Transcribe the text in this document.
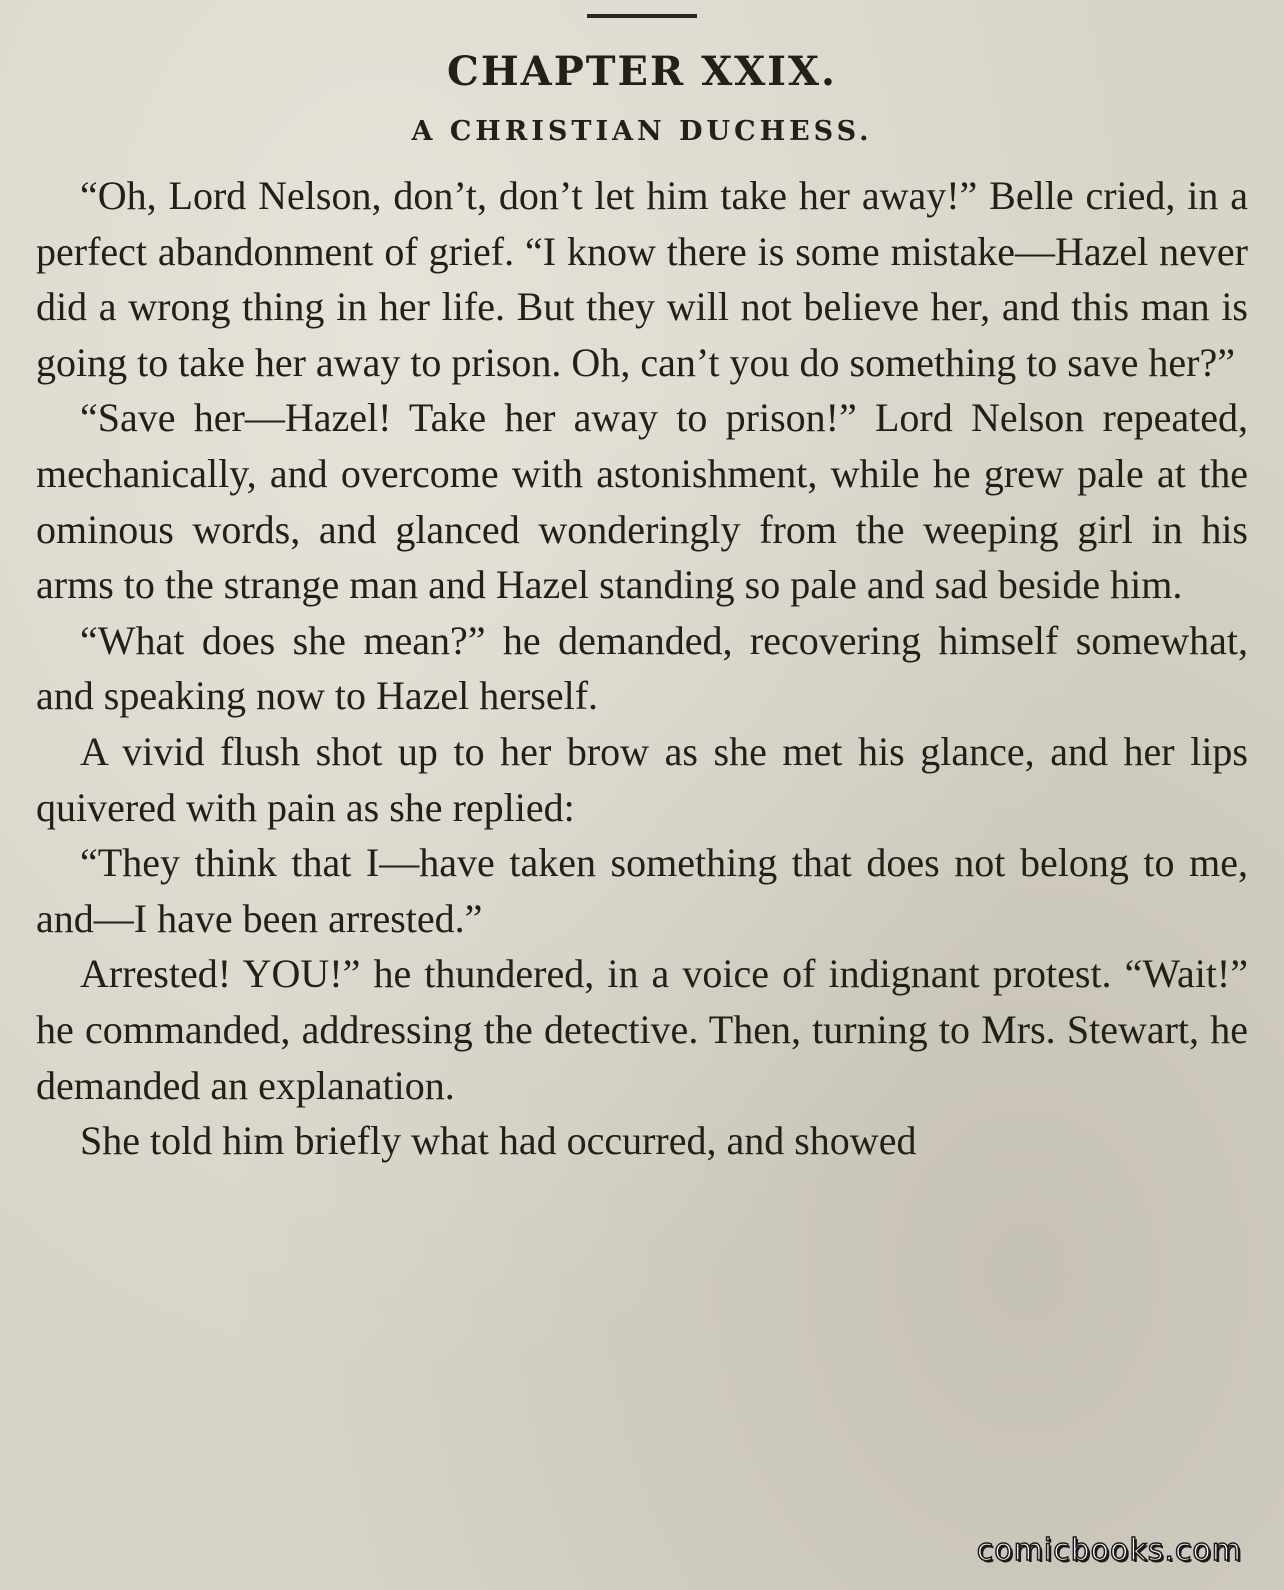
CHAPTER XXIX.
A CHRISTIAN DUCHESS.

“Oh, Lord Nelson, don’t, don’t let him take her away!” Belle cried, in a perfect abandonment of grief. “I know there is some mistake—Hazel never did a wrong thing in her life. But they will not believe her, and this man is going to take her away to prison. Oh, can’t you do something to save her?”

“Save her—Hazel! Take her away to prison!” Lord Nelson repeated, mechanically, and overcome with astonishment, while he grew pale at the ominous words, and glanced wonderingly from the weeping girl in his arms to the strange man and Hazel standing so pale and sad beside him.

“What does she mean?” he demanded, recovering himself somewhat, and speaking now to Hazel herself.

A vivid flush shot up to her brow as she met his glance, and her lips quivered with pain as she replied:

“They think that I—have taken something that does not belong to me, and—I have been arrested.”

Arrested! YOU!” he thundered, in a voice of indignant protest. “Wait!” he commanded, addressing the detective. Then, turning to Mrs. Stewart, he demanded an explanation.

She told him briefly what had occurred, and showed

comicbooks.com
